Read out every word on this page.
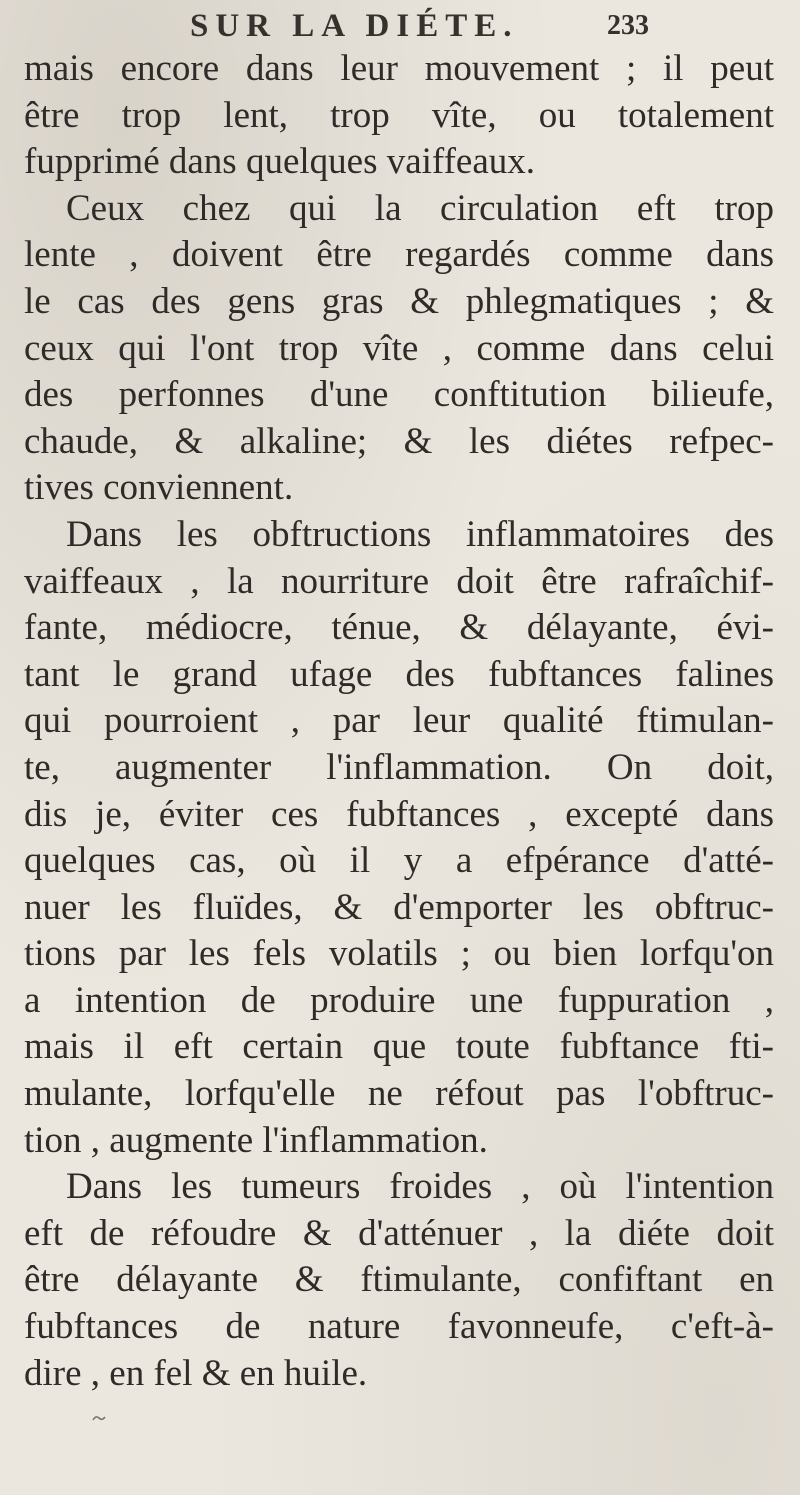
SUR LA DIÉTE.	233
mais encore dans leur mouvement ; il peut
être trop lent, trop vîte, ou totalement
fupprimé dans quelques vaiffeaux.
Ceux chez qui la circulation eft trop
lente , doivent être regardés comme dans
le cas des gens gras & phlegmatiques ; &
ceux qui l'ont trop vîte , comme dans celui
des perfonnes d'une conftitution bilieufe,
chaude, & alkaline; & les diétes refpec-
tives conviennent.
Dans les obftructions inflammatoires des
vaiffeaux , la nourriture doit être rafraîchif-
fante, médiocre, ténue, & délayante, évi-
tant le grand ufage des fubftances falines
qui pourroient , par leur qualité ftimulan-
te, augmenter l'inflammation. On doit,
dis je, éviter ces fubftances , excepté dans
quelques cas, où il y a efpérance d'atté-
nuer les fluïdes, & d'emporter les obftruc-
tions par les fels volatils ; ou bien lorfqu'on
a intention de produire une fuppuration ,
mais il eft certain que toute fubftance fti-
mulante, lorfqu'elle ne réfout pas l'obftruc-
tion , augmente l'inflammation.
Dans les tumeurs froides , où l'intention
eft de réfoudre & d'atténuer , la diéte doit
être délayante & ftimulante, confiftant en
fubftances de nature favonneufe, c'eft-à-
dire , en fel & en huile.
